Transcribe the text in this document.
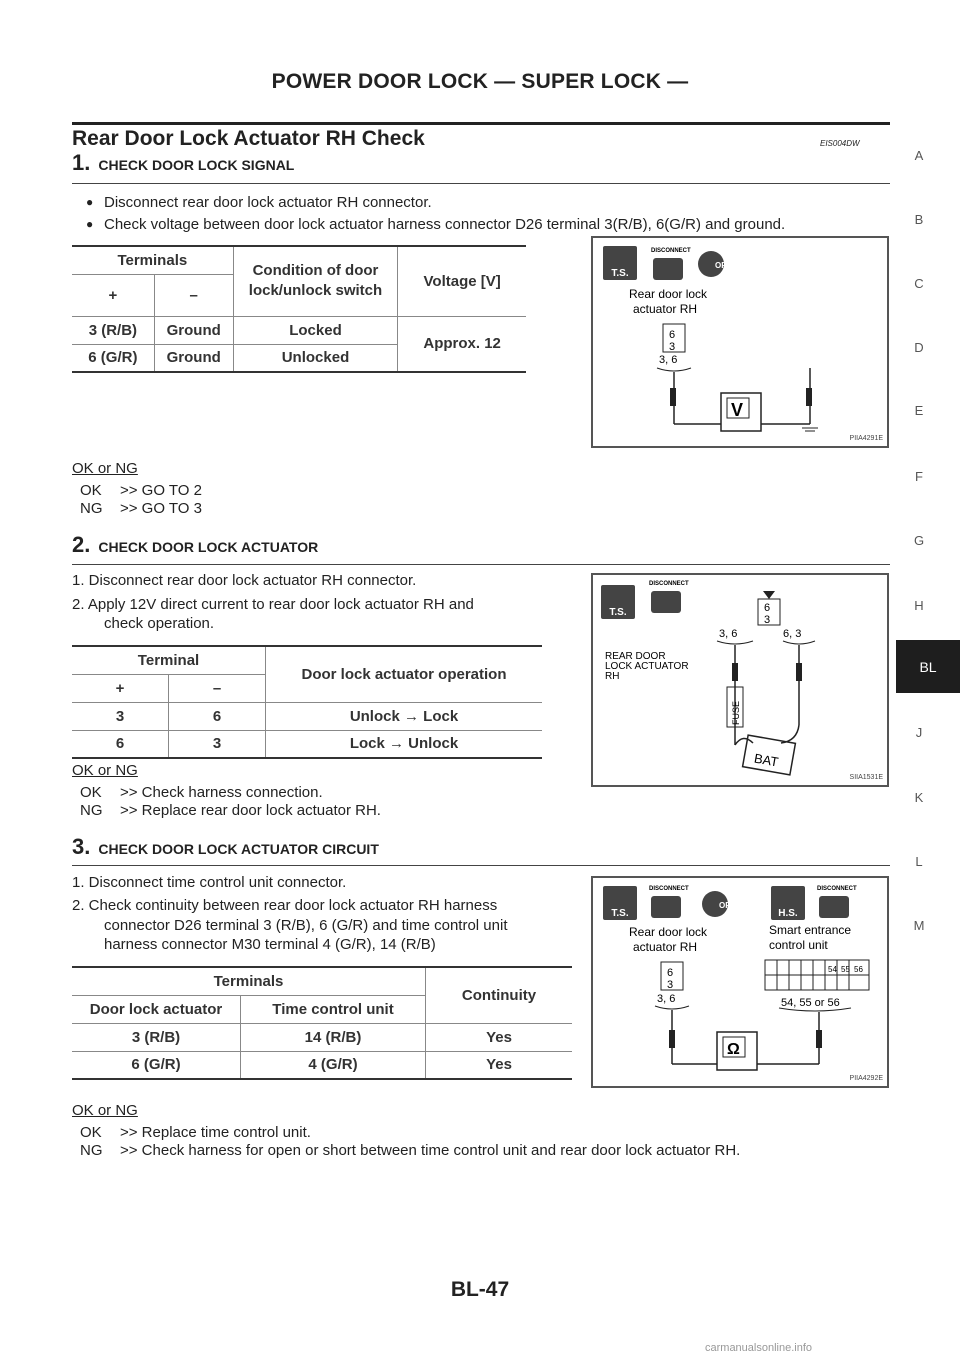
POWER DOOR LOCK — SUPER LOCK —
Rear Door Lock Actuator RH Check	EIS004DW
A
B
C
D
E
F
G
H
BL
J
K
L
M
1. CHECK DOOR LOCK SIGNAL
● Disconnect rear door lock actuator RH connector.
● Check voltage between door lock actuator harness connector D26 terminal 3(R/B), 6(G/R) and ground.
Terminals		Condition of door lock/unlock switch	Voltage [V]
+	–		
3 (R/B)	Ground	Locked	Approx. 12
6 (G/R)	Ground	Unlocked	
T.S.
DISCONNECT
OFF
Rear door lock
actuator RH
6
3
3, 6
V
PIIA4291E
OK or NG
OK >> GO TO 2
NG >> GO TO 3
2. CHECK DOOR LOCK ACTUATOR
1. Disconnect rear door lock actuator RH connector.
2. Apply 12V direct current to rear door lock actuator RH and
check operation.
Terminal		Door lock actuator operation
+	–	
3	6	Unlock → Lock
6	3	Lock → Unlock
T.S.
DISCONNECT
6
3
3, 6	6, 3
REAR DOOR
LOCK ACTUATOR
RH
FUSE
BAT
SIIA1531E
OK or NG
OK >> Check harness connection.
NG >> Replace rear door lock actuator RH.
3. CHECK DOOR LOCK ACTUATOR CIRCUIT
1. Disconnect time control unit connector.
2. Check continuity between rear door lock actuator RH harness
connector D26 terminal 3 (R/B), 6 (G/R) and time control unit
harness connector M30 terminal 4 (G/R), 14 (R/B)
Terminals		Continuity
Door lock actuator	Time control unit	
3 (R/B)	14 (R/B)	Yes
6 (G/R)	4 (G/R)	Yes
T.S.
DISCONNECT
OFF
H.S.
DISCONNECT
Rear door lock
actuator RH
Smart entrance
control unit
6
3
3, 6
54 55 56
54, 55 or 56
Ω
PIIA4292E
OK or NG
OK >> Replace time control unit.
NG >> Check harness for open or short between time control unit and rear door lock actuator RH.
BL-47
carmanualsonline.info
